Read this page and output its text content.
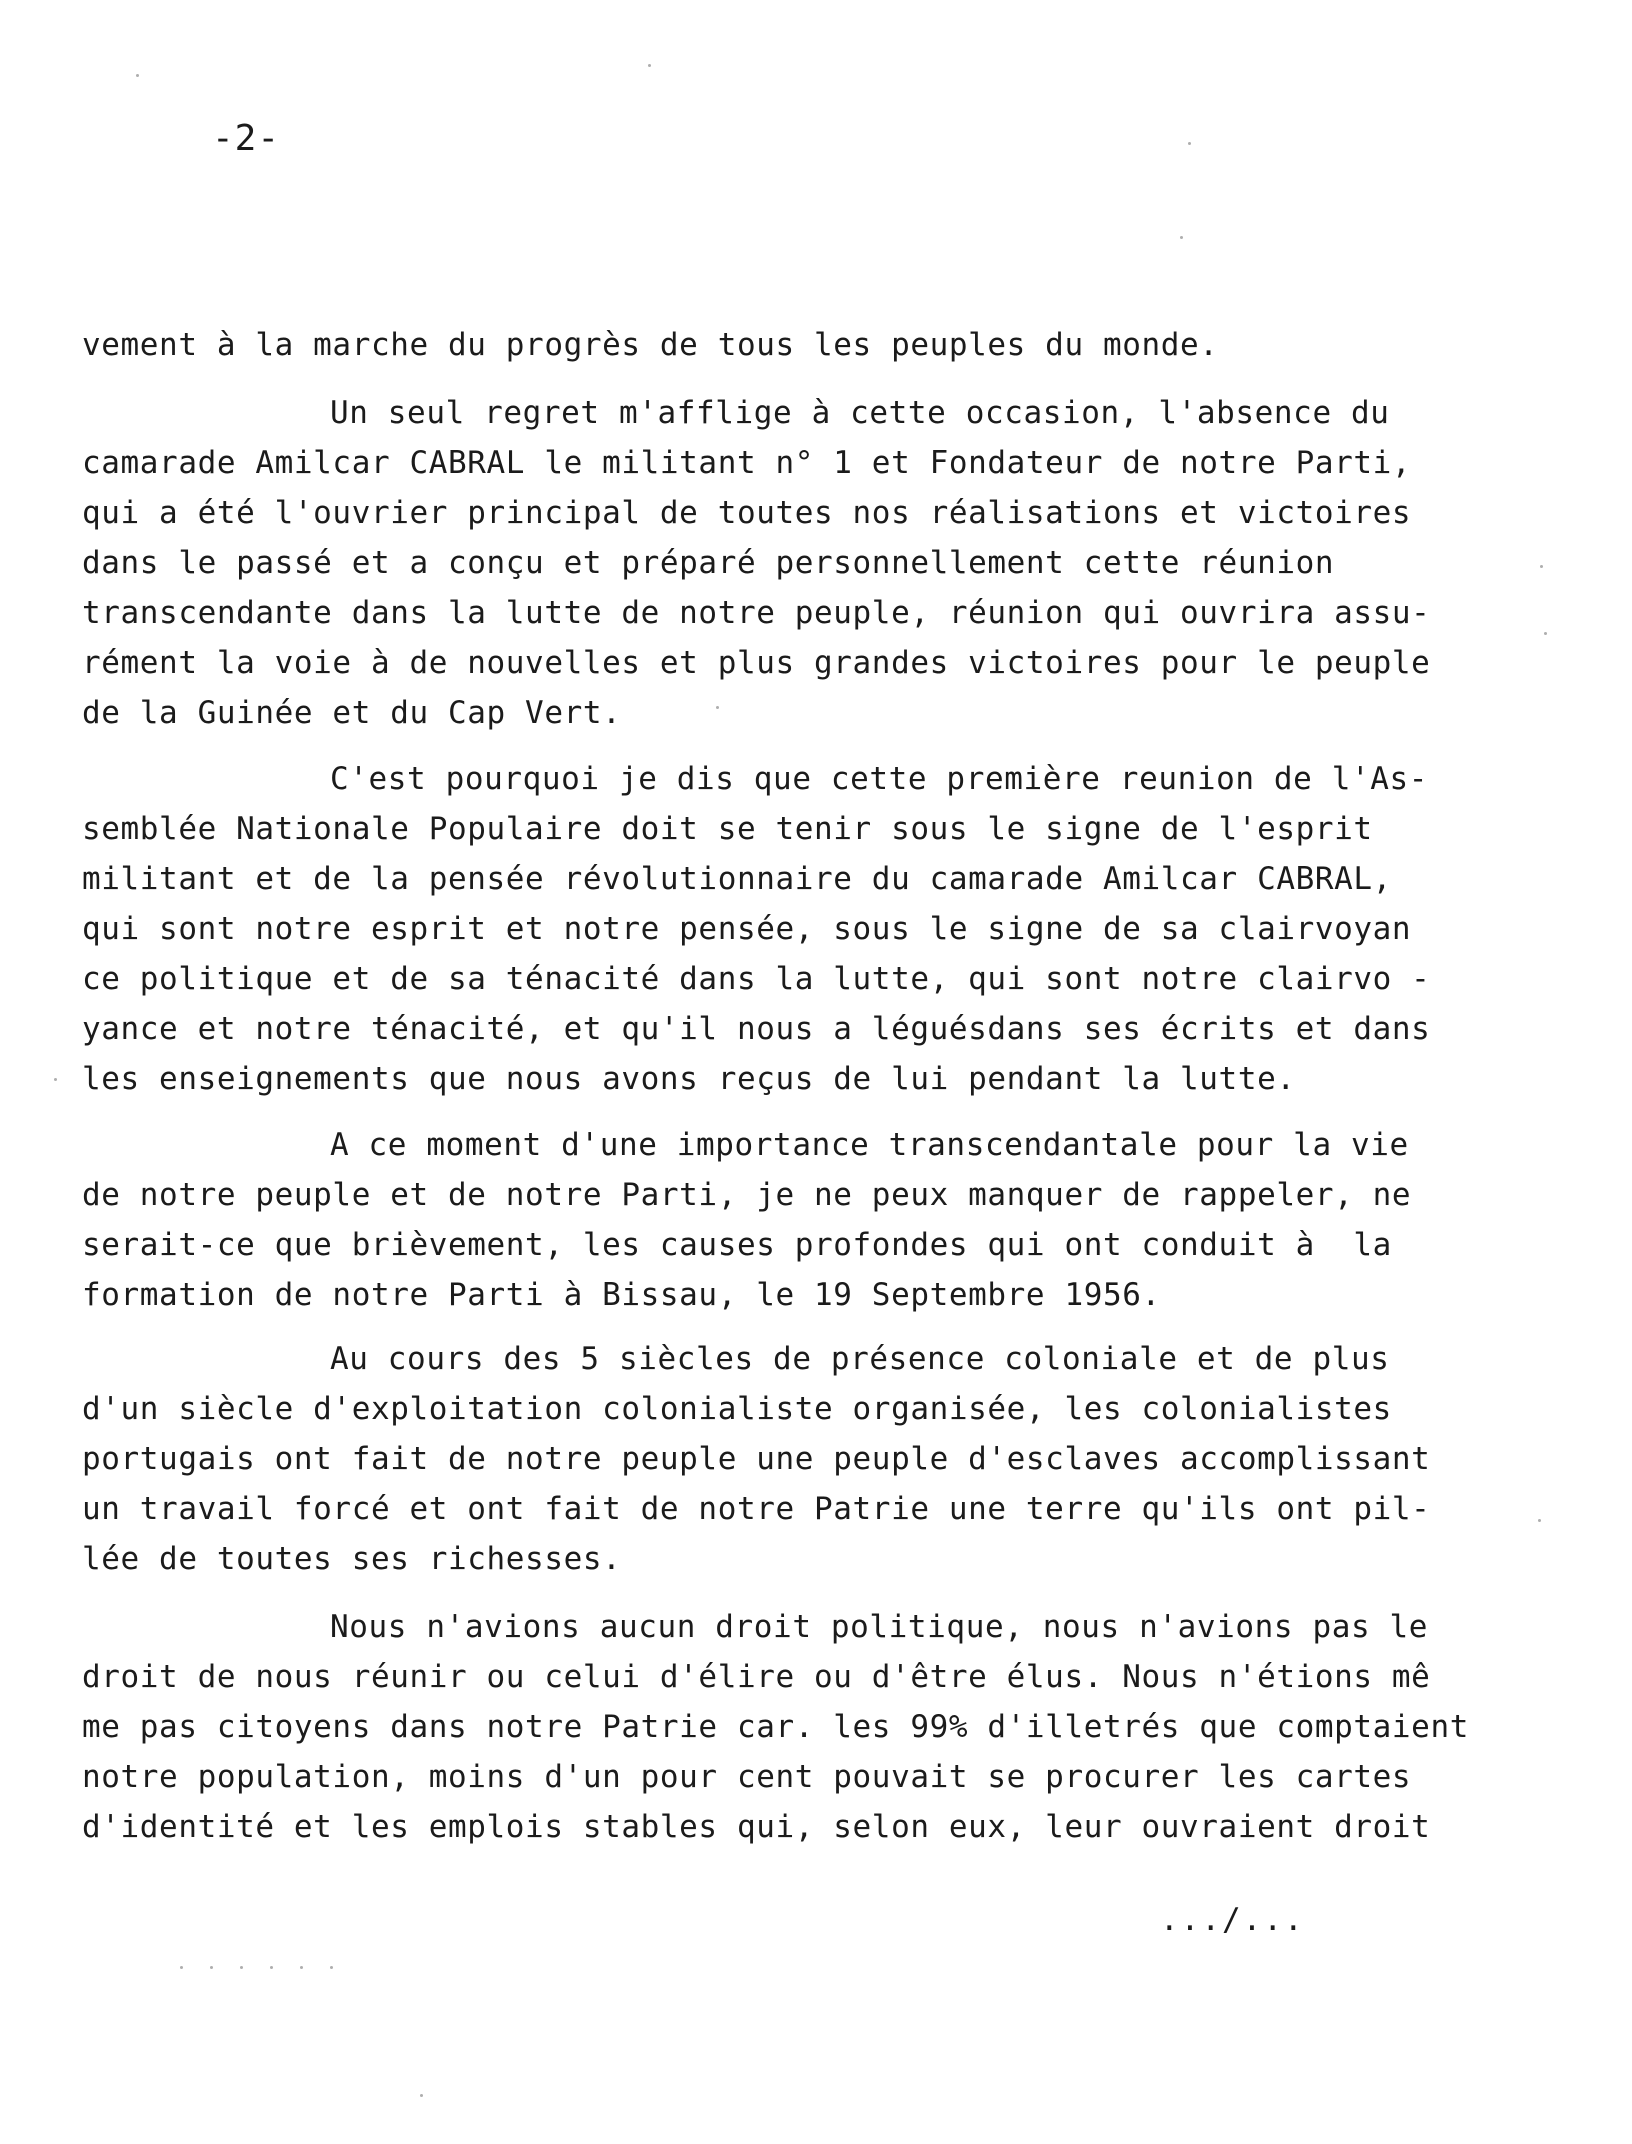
-2-
vement à la marche du progrès de tous les peuples du monde.
Un seul regret m'afflige à cette occasion, l'absence du
camarade Amilcar CABRAL le militant n° 1 et Fondateur de notre Parti,
qui a été l'ouvrier principal de toutes nos réalisations et victoires
dans le passé et a conçu et préparé personnellement cette réunion
transcendante dans la lutte de notre peuple, réunion qui ouvrira assu-
rément la voie à de nouvelles et plus grandes victoires pour le peuple
de la Guinée et du Cap Vert.
C'est pourquoi je dis que cette première reunion de l'As-
semblée Nationale Populaire doit se tenir sous le signe de l'esprit
militant et de la pensée révolutionnaire du camarade Amilcar CABRAL,
qui sont notre esprit et notre pensée, sous le signe de sa clairvoyan
ce politique et de sa ténacité dans la lutte, qui sont notre clairvo -
yance et notre ténacité, et qu'il nous a léguésdans ses écrits et dans
les enseignements que nous avons reçus de lui pendant la lutte.
A ce moment d'une importance transcendantale pour la vie
de notre peuple et de notre Parti, je ne peux manquer de rappeler, ne
serait-ce que brièvement, les causes profondes qui ont conduit à  la
formation de notre Parti à Bissau, le 19 Septembre 1956.
Au cours des 5 siècles de présence coloniale et de plus
d'un siècle d'exploitation colonialiste organisée, les colonialistes
portugais ont fait de notre peuple une peuple d'esclaves accomplissant
un travail forcé et ont fait de notre Patrie une terre qu'ils ont pil-
lée de toutes ses richesses.
Nous n'avions aucun droit politique, nous n'avions pas le
droit de nous réunir ou celui d'élire ou d'être élus. Nous n'étions mê
me pas citoyens dans notre Patrie car. les 99% d'illetrés que comptaient
notre population, moins d'un pour cent pouvait se procurer les cartes
d'identité et les emplois stables qui, selon eux, leur ouvraient droit
.../...
